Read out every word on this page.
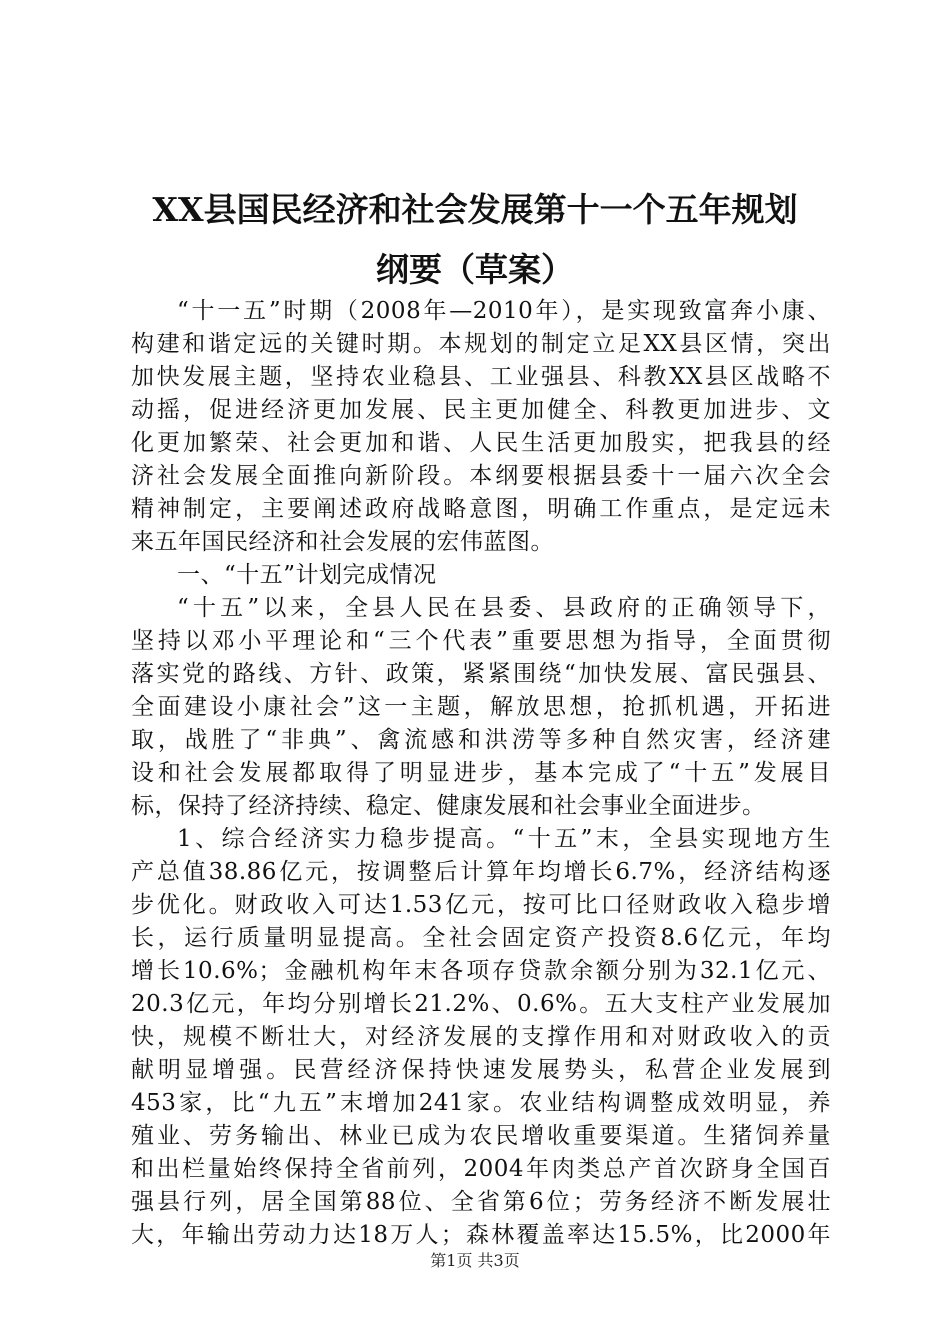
XX县国民经济和社会发展第十一个五年规划
纲要（草案）
“十一五”时期（2008年—2010年），是实现致富奔小康、
构建和谐定远的关键时期。本规划的制定立足XX县区情，突出
加快发展主题，坚持农业稳县、工业强县、科教XX县区战略不
动摇，促进经济更加发展、民主更加健全、科教更加进步、文
化更加繁荣、社会更加和谐、人民生活更加殷实，把我县的经
济社会发展全面推向新阶段。本纲要根据县委十一届六次全会
精神制定，主要阐述政府战略意图，明确工作重点，是定远未
来五年国民经济和社会发展的宏伟蓝图。
一、“十五”计划完成情况
“十五”以来，全县人民在县委、县政府的正确领导下，
坚持以邓小平理论和“三个代表”重要思想为指导，全面贯彻
落实党的路线、方针、政策，紧紧围绕“加快发展、富民强县、
全面建设小康社会”这一主题，解放思想，抢抓机遇，开拓进
取，战胜了“非典”、禽流感和洪涝等多种自然灾害，经济建
设和社会发展都取得了明显进步，基本完成了“十五”发展目
标，保持了经济持续、稳定、健康发展和社会事业全面进步。
1、综合经济实力稳步提高。“十五”末，全县实现地方生
产总值38.86亿元，按调整后计算年均增长6.7%，经济结构逐
步优化。财政收入可达1.53亿元，按可比口径财政收入稳步增
长，运行质量明显提高。全社会固定资产投资8.6亿元，年均
增长10.6%；金融机构年末各项存贷款余额分别为32.1亿元、
20.3亿元，年均分别增长21.2%、0.6%。五大支柱产业发展加
快，规模不断壮大，对经济发展的支撑作用和对财政收入的贡
献明显增强。民营经济保持快速发展势头，私营企业发展到
453家，比“九五”末增加241家。农业结构调整成效明显，养
殖业、劳务输出、林业已成为农民增收重要渠道。生猪饲养量
和出栏量始终保持全省前列，2004年肉类总产首次跻身全国百
强县行列，居全国第88位、全省第6位；劳务经济不断发展壮
大，年输出劳动力达18万人；森林覆盖率达15.5%，比2000年
第1页 共3页
